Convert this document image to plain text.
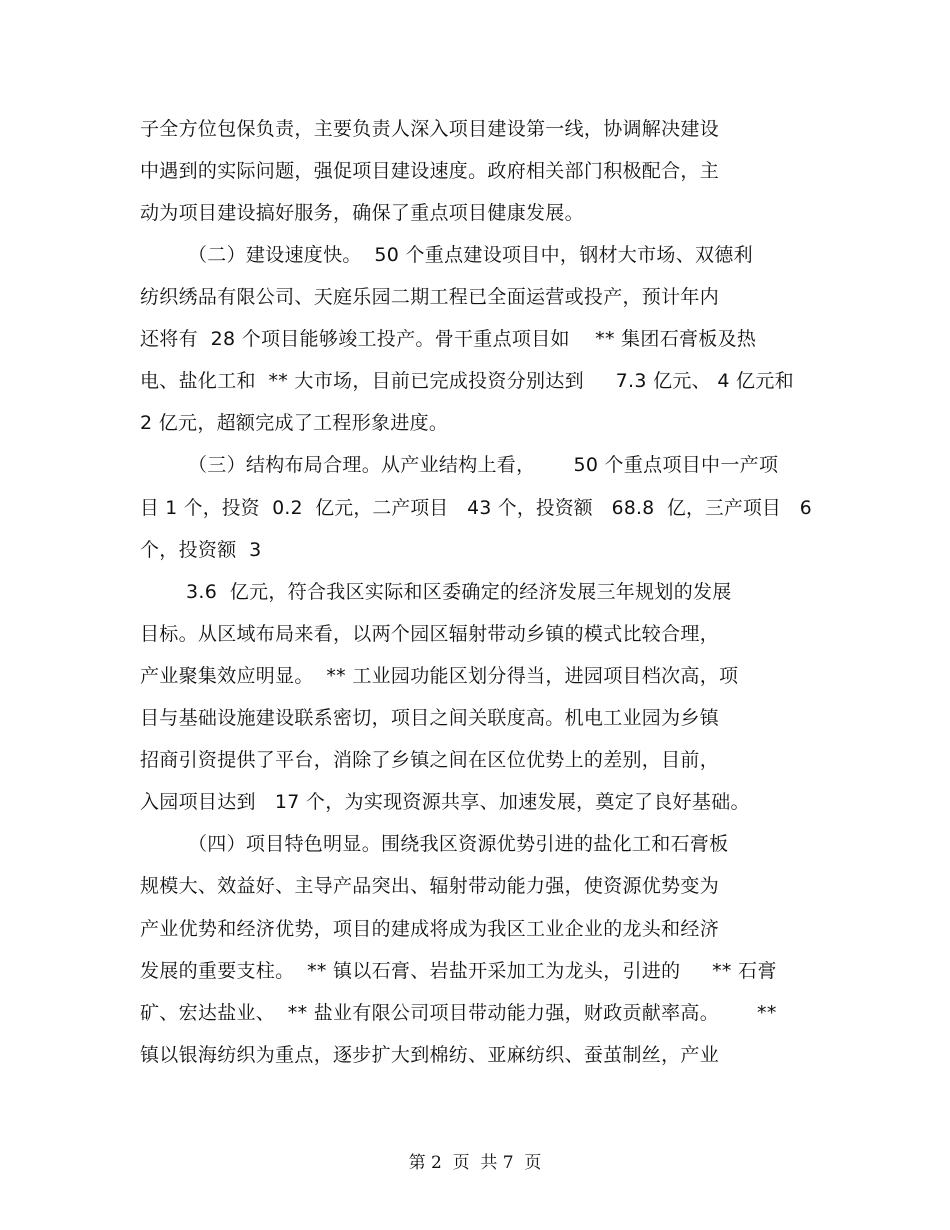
子全方位包保负责，主要负责人深入项目建设第一线，协调解决建设
中遇到的实际问题，强促项目建设速度。政府相关部门积极配合，主
动为项目建设搞好服务，确保了重点项目健康发展。
（二）建设速度快。  50 个重点建设项目中，钢材大市场、双德利
纺织绣品有限公司、天庭乐园二期工程已全面运营或投产，预计年内
还将有  28 个项目能够竣工投产。骨干重点项目如    ** 集团石膏板及热
电、盐化工和  ** 大市场，目前已完成投资分别达到     7.3 亿元、 4 亿元和
2 亿元，超额完成了工程形象进度。
（三）结构布局合理。从产业结构上看，      50 个重点项目中一产项
目 1 个，投资  0.2  亿元，二产项目   43 个，投资额   68.8  亿，三产项目   6
个，投资额  3
3.6  亿元，符合我区实际和区委确定的经济发展三年规划的发展
目标。从区域布局来看，以两个园区辐射带动乡镇的模式比较合理，
产业聚集效应明显。  ** 工业园功能区划分得当，进园项目档次高，项
目与基础设施建设联系密切，项目之间关联度高。机电工业园为乡镇
招商引资提供了平台，消除了乡镇之间在区位优势上的差别，目前，
入园项目达到   17 个，为实现资源共享、加速发展，奠定了良好基础。
（四）项目特色明显。围绕我区资源优势引进的盐化工和石膏板
规模大、效益好、主导产品突出、辐射带动能力强，使资源优势变为
产业优势和经济优势，项目的建成将成为我区工业企业的龙头和经济
发展的重要支柱。  ** 镇以石膏、岩盐开采加工为龙头，引进的     ** 石膏
矿、宏达盐业、  ** 盐业有限公司项目带动能力强，财政贡献率高。      **
镇以银海纺织为重点，逐步扩大到棉纺、亚麻纺织、蚕茧制丝，产业
第 2  页  共 7  页
